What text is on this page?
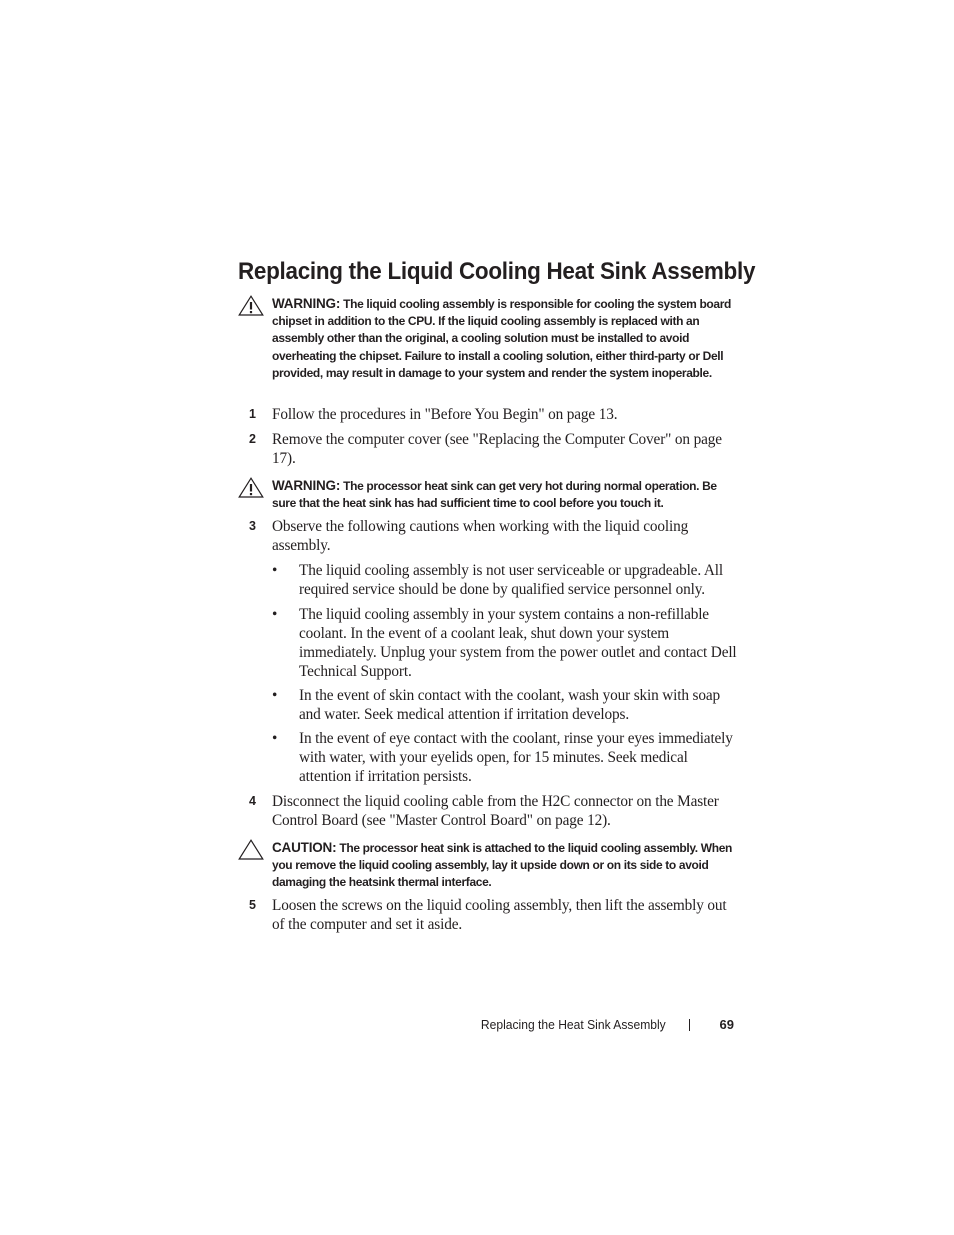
Replacing the Liquid Cooling Heat Sink Assembly
WARNING: The liquid cooling assembly is responsible for cooling the system board chipset in addition to the CPU. If the liquid cooling assembly is replaced with an assembly other than the original, a cooling solution must be installed to avoid overheating the chipset. Failure to install a cooling solution, either third-party or Dell provided, may result in damage to your system and render the system inoperable.
1 Follow the procedures in "Before You Begin" on page 13.
2 Remove the computer cover (see "Replacing the Computer Cover" on page 17).
WARNING: The processor heat sink can get very hot during normal operation. Be sure that the heat sink has had sufficient time to cool before you touch it.
3 Observe the following cautions when working with the liquid cooling assembly.
• The liquid cooling assembly is not user serviceable or upgradeable. All required service should be done by qualified service personnel only.
• The liquid cooling assembly in your system contains a non-refillable coolant. In the event of a coolant leak, shut down your system immediately. Unplug your system from the power outlet and contact Dell Technical Support.
• In the event of skin contact with the coolant, wash your skin with soap and water. Seek medical attention if irritation develops.
• In the event of eye contact with the coolant, rinse your eyes immediately with water, with your eyelids open, for 15 minutes. Seek medical attention if irritation persists.
4 Disconnect the liquid cooling cable from the H2C connector on the Master Control Board (see "Master Control Board" on page 12).
CAUTION: The processor heat sink is attached to the liquid cooling assembly. When you remove the liquid cooling assembly, lay it upside down or on its side to avoid damaging the heatsink thermal interface.
5 Loosen the screws on the liquid cooling assembly, then lift the assembly out of the computer and set it aside.
Replacing the Heat Sink Assembly	69
